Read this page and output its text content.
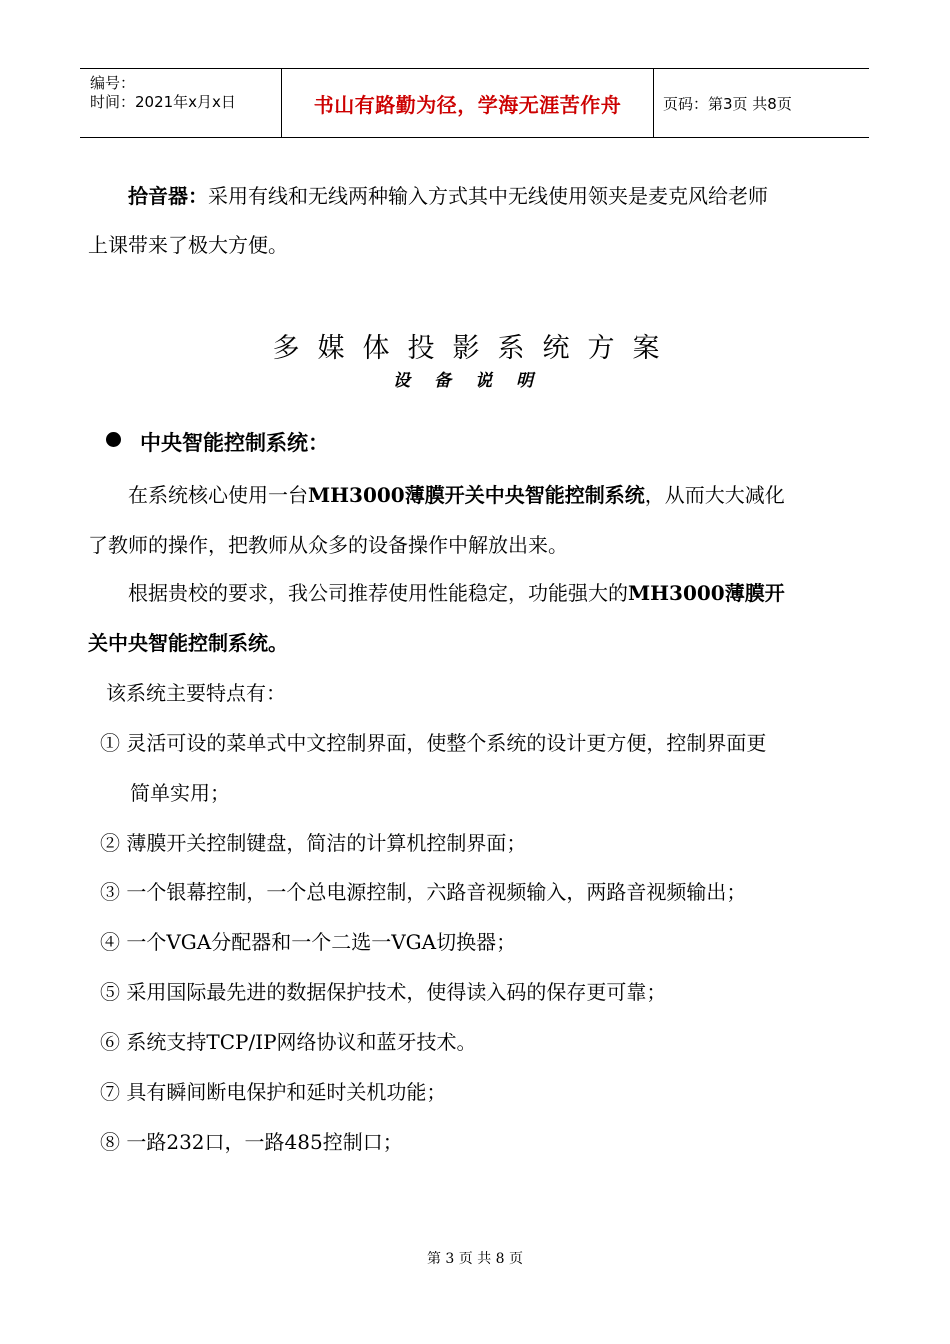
编号：
时间：2021年x月x日	书山有路勤为径，学海无涯苦作舟	页码：第3页 共8页
拾音器：采用有线和无线两种输入方式其中无线使用领夹是麦克风给老师
上课带来了极大方便。
多媒体投影系统方案
设备说明
中央智能控制系统：
在系统核心使用一台MH3000薄膜开关中央智能控制系统，从而大大减化
了教师的操作，把教师从众多的设备操作中解放出来。
根据贵校的要求，我公司推荐使用性能稳定，功能强大的MH3000薄膜开
关中央智能控制系统。
该系统主要特点有：
① 灵活可设的菜单式中文控制界面，使整个系统的设计更方便，控制界面更
简单实用；
② 薄膜开关控制键盘，简洁的计算机控制界面；
③ 一个银幕控制，一个总电源控制，六路音视频输入，两路音视频输出；
④ 一个VGA分配器和一个二选一VGA切换器；
⑤ 采用国际最先进的数据保护技术，使得读入码的保存更可靠；
⑥ 系统支持TCP/IP网络协议和蓝牙技术。
⑦ 具有瞬间断电保护和延时关机功能；
⑧ 一路232口，一路485控制口；
第 3 页 共 8 页
